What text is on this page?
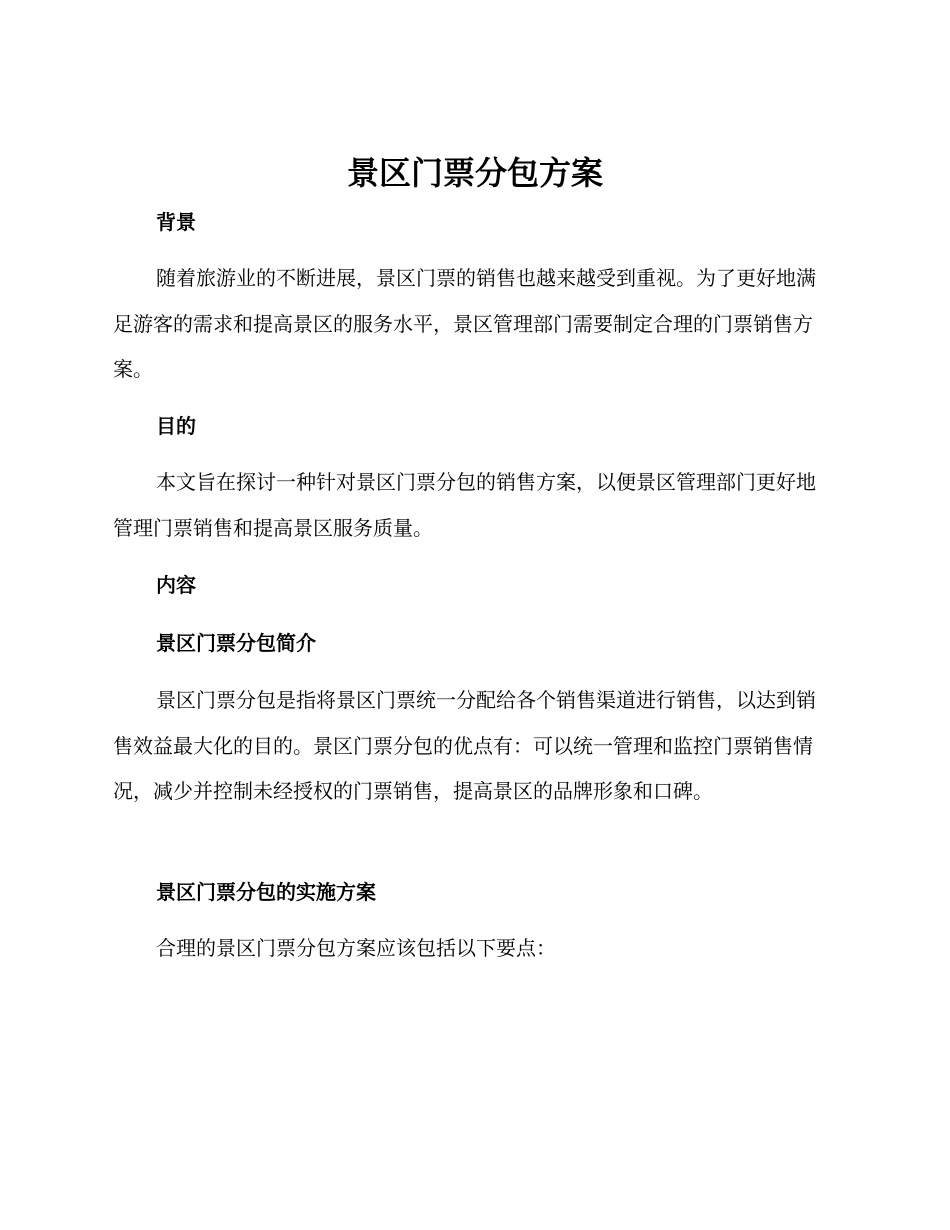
景区门票分包方案
背景

随着旅游业的不断进展，景区门票的销售也越来越受到重视。为了更好地满足游客的需求和提高景区的服务水平，景区管理部门需要制定合理的门票销售方案。

目的

本文旨在探讨一种针对景区门票分包的销售方案，以便景区管理部门更好地管理门票销售和提高景区服务质量。

内容
景区门票分包简介

景区门票分包是指将景区门票统一分配给各个销售渠道进行销售，以达到销售效益最大化的目的。景区门票分包的优点有：可以统一管理和监控门票销售情况，减少并控制未经授权的门票销售，提高景区的品牌形象和口碑。

景区门票分包的实施方案

合理的景区门票分包方案应该包括以下要点：
